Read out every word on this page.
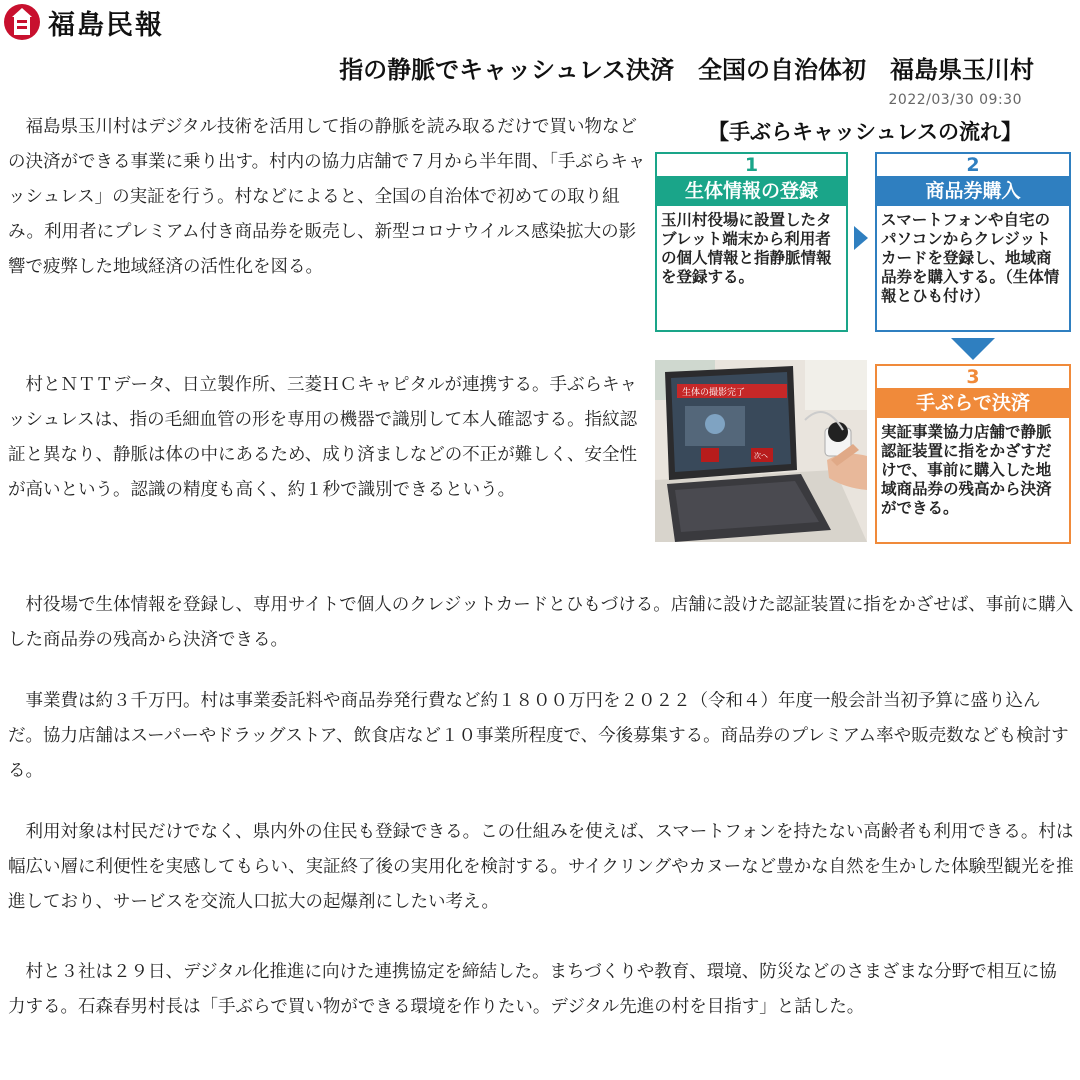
福島民報
指の静脈でキャッシュレス決済　全国の自治体初　福島県玉川村
2022/03/30 09:30

福島県玉川村はデジタル技術を活用して指の静脈を読み取るだけで買い物などの決済ができる事業に乗り出す。村内の協力店舗で７月から半年間、「手ぶらキャッシュレス」の実証を行う。村などによると、全国の自治体で初めての取り組み。利用者にプレミアム付き商品券を販売し、新型コロナウイルス感染拡大の影響で疲弊した地域経済の活性化を図る。

村とＮＴＴデータ、日立製作所、三菱ＨＣキャピタルが連携する。手ぶらキャッシュレスは、指の毛細血管の形を専用の機器で識別して本人確認する。指紋認証と異なり、静脈は体の中にあるため、成り済ましなどの不正が難しく、安全性が高いという。認識の精度も高く、約１秒で識別できるという。

村役場で生体情報を登録し、専用サイトで個人のクレジットカードとひもづける。店舗に設けた認証装置に指をかざせば、事前に購入した商品券の残高から決済できる。

事業費は約３千万円。村は事業委託料や商品券発行費など約１８００万円を２０２２（令和４）年度一般会計当初予算に盛り込んだ。協力店舗はスーパーやドラッグストア、飲食店など１０事業所程度で、今後募集する。商品券のプレミアム率や販売数なども検討する。

利用対象は村民だけでなく、県内外の住民も登録できる。この仕組みを使えば、スマートフォンを持たない高齢者も利用できる。村は幅広い層に利便性を実感してもらい、実証終了後の実用化を検討する。サイクリングやカヌーなど豊かな自然を生かした体験型観光を推進しており、サービスを交流人口拡大の起爆剤にしたい考え。

村と３社は２９日、デジタル化推進に向けた連携協定を締結した。まちづくりや教育、環境、防災などのさまざまな分野で相互に協力する。石森春男村長は「手ぶらで買い物ができる環境を作りたい。デジタル先進の村を目指す」と話した。

【手ぶらキャッシュレスの流れ】
1
生体情報の登録
玉川村役場に設置したタブレット端末から利用者の個人情報と指静脈情報を登録する。
2
商品券購入
スマートフォンや自宅のパソコンからクレジットカードを登録し、地域商品券を購入する。（生体情報とひも付け）
生体の撮影完了
次へ
3
手ぶらで決済
実証事業協力店舗で静脈認証装置に指をかざすだけで、事前に購入した地域商品券の残高から決済ができる。
